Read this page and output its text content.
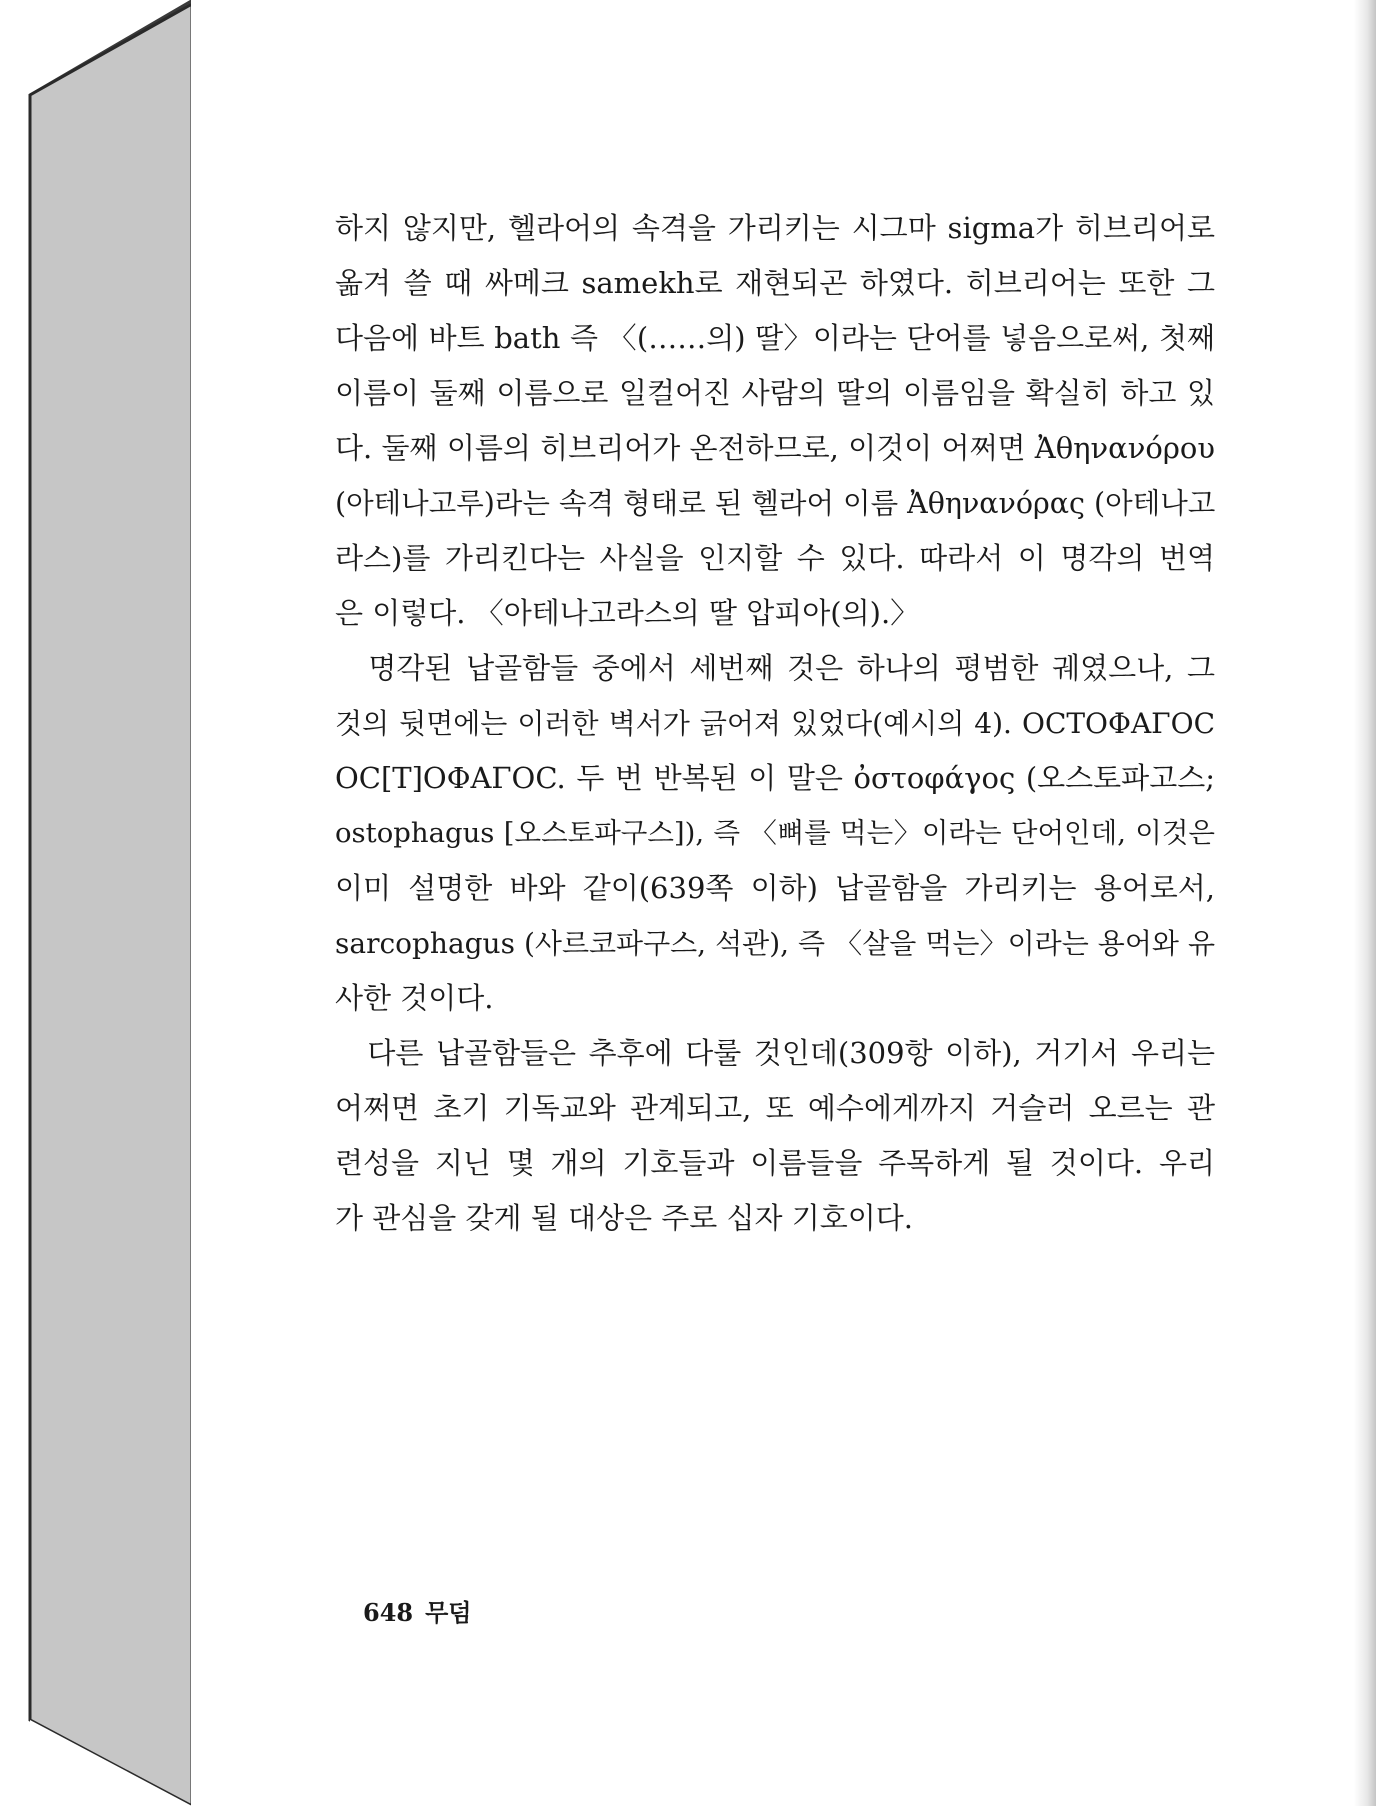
하지 않지만, 헬라어의 속격을 가리키는 시그마 sigma가 히브리어로

옮겨 쓸 때 싸메크 samekh로 재현되곤 하였다. 히브리어는 또한 그

다음에 바트 bath 즉 〈(……의) 딸〉이라는 단어를 넣음으로써, 첫째

이름이 둘째 이름으로 일컬어진 사람의 딸의 이름임을 확실히 하고 있

다. 둘째 이름의 히브리어가 온전하므로, 이것이 어쩌면 Ἀθηνανόρου

(아테나고루)라는 속격 형태로 된 헬라어 이름 Ἀθηνανόρας (아테나고

라스)를 가리킨다는 사실을 인지할 수 있다. 따라서 이 명각의 번역

은 이렇다. 〈아테나고라스의 딸 압피아(의).〉

　명각된 납골함들 중에서 세번째 것은 하나의 평범한 궤였으나, 그

것의 뒷면에는 이러한 벽서가 긁어져 있었다(예시의 4). ΟCΤΟΦΑΓΟC

ΟC[Τ]ΟΦΑΓΟC. 두 번 반복된 이 말은 ὀστοφάγος (오스토파고스;

ostophagus [오스토파구스]), 즉 〈뼈를 먹는〉이라는 단어인데, 이것은

이미 설명한 바와 같이(639쪽 이하) 납골함을 가리키는 용어로서,

sarcophagus (사르코파구스, 석관), 즉 〈살을 먹는〉이라는 용어와 유

사한 것이다.

　다른 납골함들은 추후에 다룰 것인데(309항 이하), 거기서 우리는

어쩌면 초기 기독교와 관계되고, 또 예수에게까지 거슬러 오르는 관

련성을 지닌 몇 개의 기호들과 이름들을 주목하게 될 것이다. 우리

가 관심을 갖게 될 대상은 주로 십자 기호이다.

648 무덤
